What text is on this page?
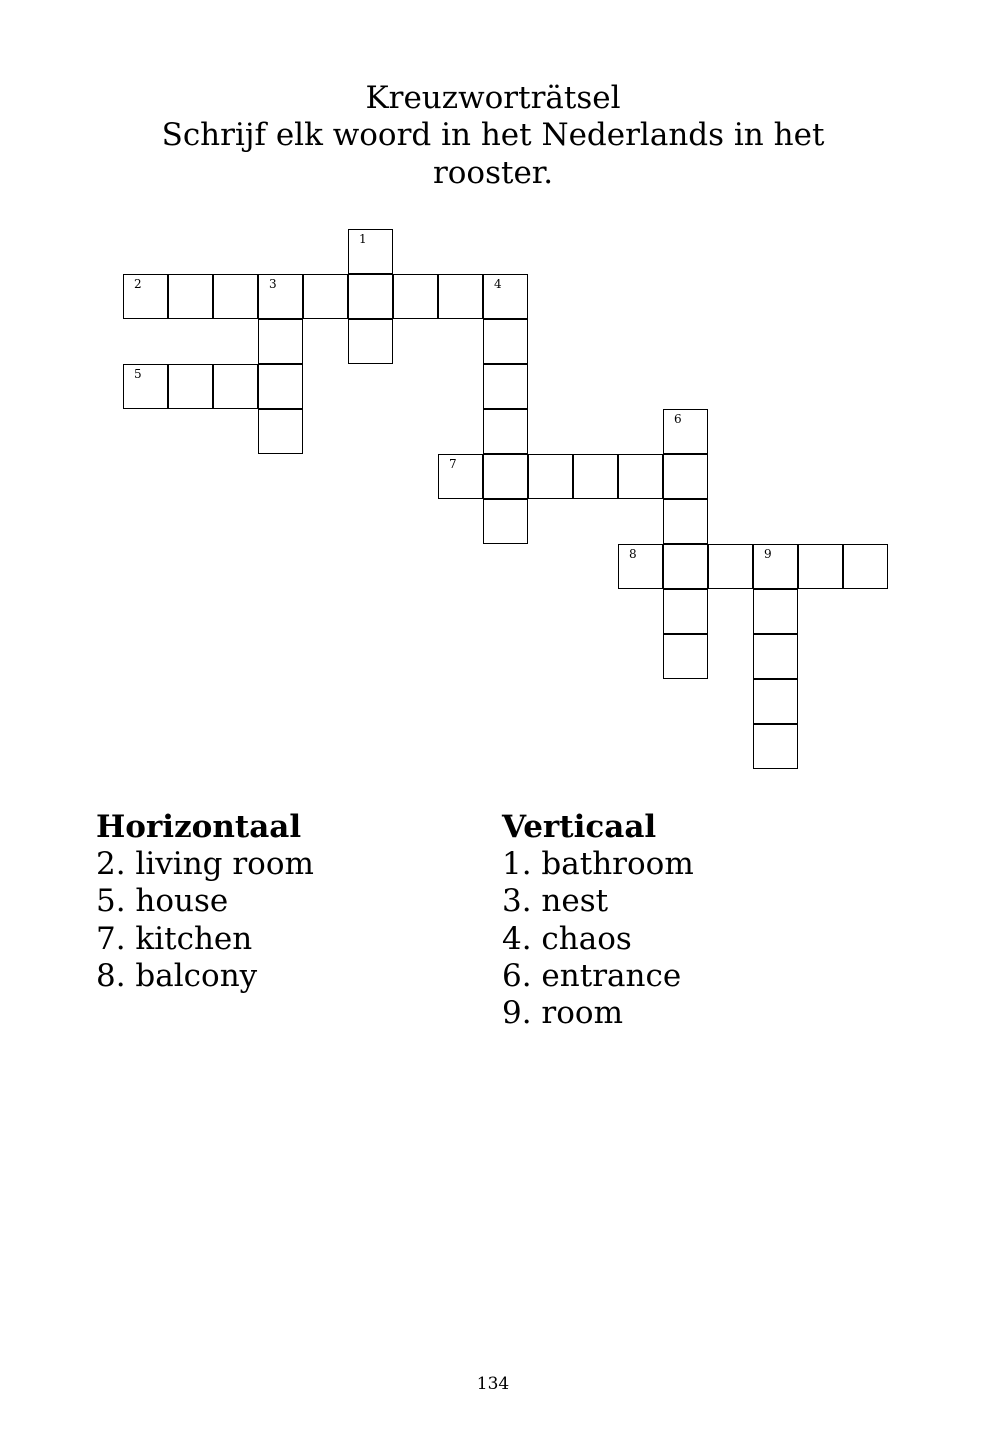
Kreuzworträtsel
Schrijf elk woord in het Nederlands in het rooster.
1
2	3	4
5
6
7
8	9
Horizontaal
2. living room
5. house
7. kitchen
8. balcony
Verticaal
1. bathroom
3. nest
4. chaos
6. entrance
9. room
134
